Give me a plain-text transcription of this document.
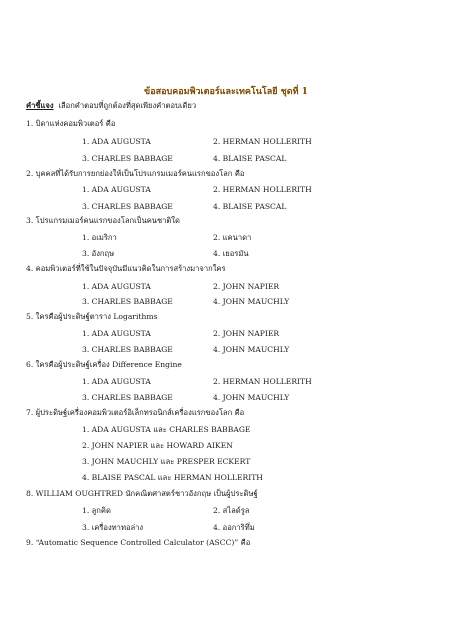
ข้อสอบคอมพิวเตอร์และเทคโนโลยี ชุดที่ 1
คำชี้แจง เลือกคำตอบที่ถูกต้องที่สุดเพียงคำตอบเดียว
1. บิดาแห่งคอมพิวเตอร์ คือ
1. ADA AUGUSTA	2. HERMAN HOLLERITH
3. CHARLES BABBAGE	4. BLAISE PASCAL
2. บุคคลที่ได้รับการยกย่องให้เป็นโปรแกรมเมอร์คนแรกของโลก คือ
1. ADA AUGUSTA	2. HERMAN HOLLERITH
3. CHARLES BABBAGE	4. BLAISE PASCAL
3. โปรแกรมเมอร์คนแรกของโลกเป็นคนชาติใด
1. อเมริกา	2. แคนาดา
3. อังกฤษ	4. เยอรมัน
4. คอมพิวเตอร์ที่ใช้ในปัจจุบันมีแนวคิดในการสร้างมาจากใคร
1. ADA AUGUSTA	2. JOHN NAPIER
3. CHARLES BABBAGE	4. JOHN MAUCHLY
5. ใครคือผู้ประดิษฐ์ตาราง Logarithms
1. ADA AUGUSTA	2. JOHN NAPIER
3. CHARLES BABBAGE	4. JOHN MAUCHLY
6. ใครคือผู้ประดิษฐ์เครื่อง Difference Engine
1. ADA AUGUSTA	2. HERMAN HOLLERITH
3. CHARLES BABBAGE	4. JOHN MAUCHLY
7. ผู้ประดิษฐ์เครื่องคอมพิวเตอร์อิเล็กทรอนิกส์เครื่องแรกของโลก คือ
1. ADA AUGUSTA และ CHARLES BABBAGE
2. JOHN NAPIER และ HOWARD AIKEN
3. JOHN MAUCHLY และ PRESPER ECKERT
4. BLAISE PASCAL และ HERMAN HOLLERITH
8. WILLIAM OUGHTRED นักคณิตศาสตร์ชาวอังกฤษ เป็นผู้ประดิษฐ์
1. ลูกคิด	2. สไลด์รูล
3. เครื่องทาทอล่าง	4. ออการิทึ่ม
9. “Automatic Sequence Controlled Calculator (ASCC)” คือ
